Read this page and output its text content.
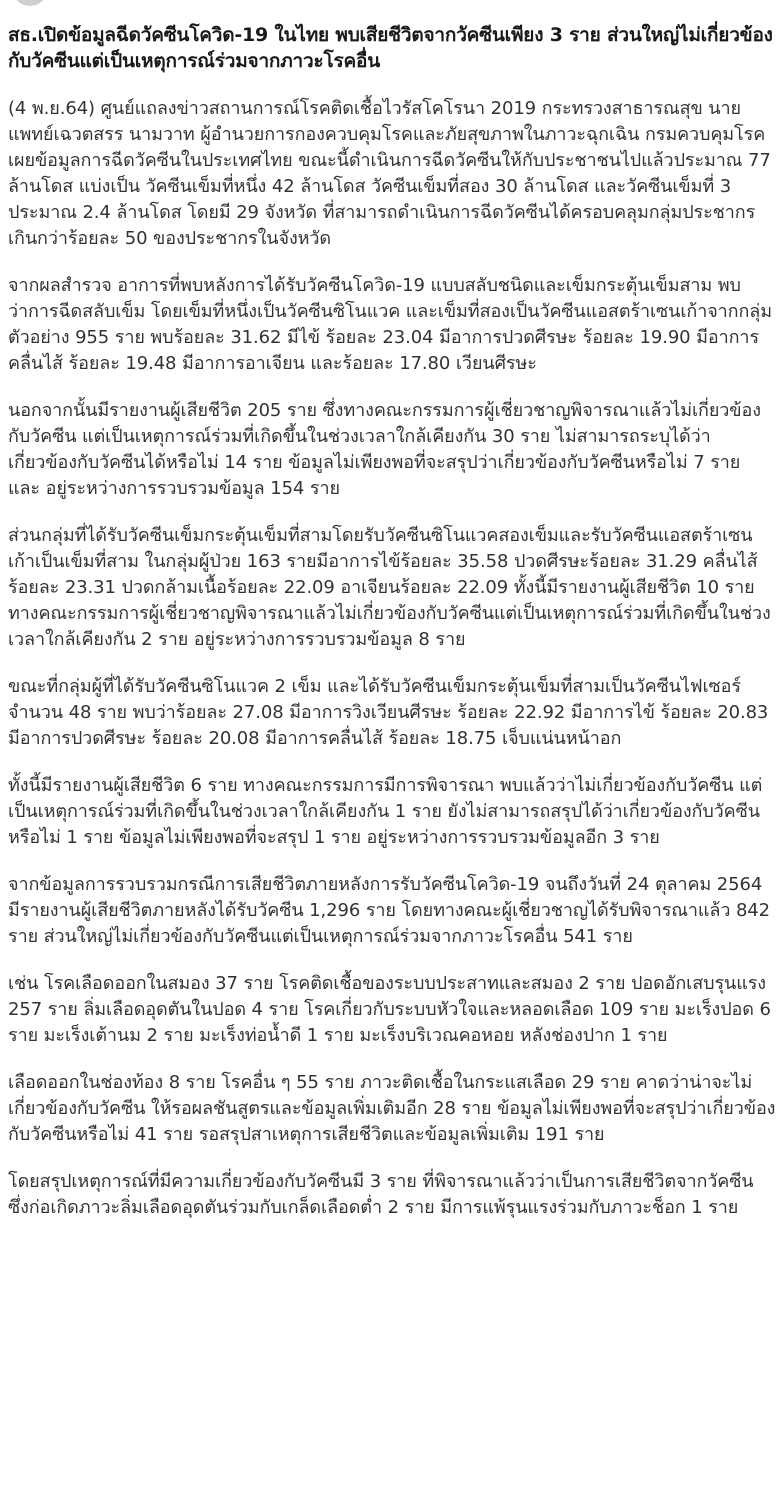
สธ.เปิดข้อมูลฉีดวัคซีนโควิด-19 ในไทย พบเสียชีวิตจากวัคซีนเพียง 3 ราย ส่วนใหญ่ไม่เกี่ยวข้องกับวัคซีนแต่เป็นเหตุการณ์ร่วมจากภาวะโรคอื่น

(4 พ.ย.64) ศูนย์แถลงข่าวสถานการณ์โรคติดเชื้อไวรัสโคโรนา 2019 กระทรวงสาธารณสุข นายแพทย์เฉวตสรร นามวาท ผู้อำนวยการกองควบคุมโรคและภัยสุขภาพในภาวะฉุกเฉิน กรมควบคุมโรค เผยข้อมูลการฉีดวัคซีนในประเทศไทย ขณะนี้ดำเนินการฉีดวัคซีนให้กับประชาชนไปแล้วประมาณ 77 ล้านโดส แบ่งเป็น วัคซีนเข็มที่หนึ่ง 42 ล้านโดส วัคซีนเข็มที่สอง 30 ล้านโดส และวัคซีนเข็มที่ 3 ประมาณ 2.4 ล้านโดส โดยมี 29 จังหวัด ที่สามารถดำเนินการฉีดวัคซีนได้ครอบคลุมกลุ่มประชากรเกินกว่าร้อยละ 50 ของประชากรในจังหวัด

จากผลสำรวจ อาการที่พบหลังการได้รับวัคซีนโควิด-19 แบบสลับชนิดและเข็มกระตุ้นเข็มสาม พบว่าการฉีดสลับเข็ม โดยเข็มที่หนึ่งเป็นวัคซีนซิโนแวค และเข็มที่สองเป็นวัคซีนแอสตร้าเซนเก้าจากกลุ่มตัวอย่าง 955 ราย พบร้อยละ 31.62 มีไข้ ร้อยละ 23.04 มีอาการปวดศีรษะ ร้อยละ 19.90 มีอาการคลื่นไส้ ร้อยละ 19.48 มีอาการอาเจียน และร้อยละ 17.80 เวียนศีรษะ

นอกจากนั้นมีรายงานผู้เสียชีวิต 205 ราย ซึ่งทางคณะกรรมการผู้เชี่ยวชาญพิจารณาแล้วไม่เกี่ยวข้องกับวัคซีน แต่เป็นเหตุการณ์ร่วมที่เกิดขึ้นในช่วงเวลาใกล้เคียงกัน 30 ราย ไม่สามารถระบุได้ว่าเกี่ยวข้องกับวัคซีนได้หรือไม่ 14 ราย ข้อมูลไม่เพียงพอที่จะสรุปว่าเกี่ยวข้องกับวัคซีนหรือไม่ 7 ราย และ อยู่ระหว่างการรวบรวมข้อมูล 154 ราย

ส่วนกลุ่มที่ได้รับวัคซีนเข็มกระตุ้นเข็มที่สามโดยรับวัคซีนซิโนแวคสองเข็มและรับวัคซีนแอสตร้าเซนเก้าเป็นเข็มที่สาม ในกลุ่มผู้ป่วย 163 รายมีอาการไข้ร้อยละ 35.58 ปวดศีรษะร้อยละ 31.29 คลื่นไส้ร้อยละ 23.31 ปวดกล้ามเนื้อร้อยละ 22.09 อาเจียนร้อยละ 22.09 ทั้งนี้มีรายงานผู้เสียชีวิต 10 ราย ทางคณะกรรมการผู้เชี่ยวชาญพิจารณาแล้วไม่เกี่ยวข้องกับวัคซีนแต่เป็นเหตุการณ์ร่วมที่เกิดขึ้นในช่วงเวลาใกล้เคียงกัน 2 ราย อยู่ระหว่างการรวบรวมข้อมูล 8 ราย

ขณะที่กลุ่มผู้ที่ได้รับวัคซีนซิโนแวค 2 เข็ม และได้รับวัคซีนเข็มกระตุ้นเข็มที่สามเป็นวัคซีนไฟเซอร์จำนวน 48 ราย พบว่าร้อยละ 27.08 มีอาการวิงเวียนศีรษะ ร้อยละ 22.92 มีอาการไข้ ร้อยละ 20.83 มีอาการปวดศีรษะ ร้อยละ 20.08 มีอาการคลื่นไส้ ร้อยละ 18.75 เจ็บแน่นหน้าอก

ทั้งนี้มีรายงานผู้เสียชีวิต 6 ราย ทางคณะกรรมการมีการพิจารณา พบแล้วว่าไม่เกี่ยวข้องกับวัคซีน แต่เป็นเหตุการณ์ร่วมที่เกิดขึ้นในช่วงเวลาใกล้เคียงกัน 1 ราย ยังไม่สามารถสรุปได้ว่าเกี่ยวข้องกับวัคซีนหรือไม่ 1 ราย ข้อมูลไม่เพียงพอที่จะสรุป 1 ราย อยู่ระหว่างการรวบรวมข้อมูลอีก 3 ราย

จากข้อมูลการรวบรวมกรณีการเสียชีวิตภายหลังการรับวัคซีนโควิด-19 จนถึงวันที่ 24 ตุลาคม 2564 มีรายงานผู้เสียชีวิตภายหลังได้รับวัคซีน 1,296 ราย โดยทางคณะผู้เชี่ยวชาญได้รับพิจารณาแล้ว 842 ราย ส่วนใหญ่ไม่เกี่ยวข้องกับวัคซีนแต่เป็นเหตุการณ์ร่วมจากภาวะโรคอื่น 541 ราย

เช่น โรคเลือดออกในสมอง 37 ราย โรคติดเชื้อของระบบประสาทและสมอง 2 ราย ปอดอักเสบรุนแรง 257 ราย ลิ่มเลือดอุดตันในปอด 4 ราย โรคเกี่ยวกับระบบหัวใจและหลอดเลือด 109 ราย มะเร็งปอด 6 ราย มะเร็งเต้านม 2 ราย มะเร็งท่อน้ำดี 1 ราย มะเร็งบริเวณคอหอย หลังช่องปาก 1 ราย

เลือดออกในช่องท้อง 8 ราย โรคอื่น ๆ 55 ราย ภาวะติดเชื้อในกระแสเลือด 29 ราย คาดว่าน่าจะไม่เกี่ยวข้องกับวัคซีน ให้รอผลชันสูตรและข้อมูลเพิ่มเติมอีก 28 ราย ข้อมูลไม่เพียงพอที่จะสรุปว่าเกี่ยวข้องกับวัคซีนหรือไม่ 41 ราย รอสรุปสาเหตุการเสียชีวิตและข้อมูลเพิ่มเติม 191 ราย

โดยสรุปเหตุการณ์ที่มีความเกี่ยวข้องกับวัคซีนมี 3 ราย ที่พิจารณาแล้วว่าเป็นการเสียชีวิตจากวัคซีน ซึ่งก่อเกิดภาวะลิ่มเลือดอุดตันร่วมกับเกล็ดเลือดต่ำ 2 ราย มีการแพ้รุนแรงร่วมกับภาวะช็อก 1 ราย
